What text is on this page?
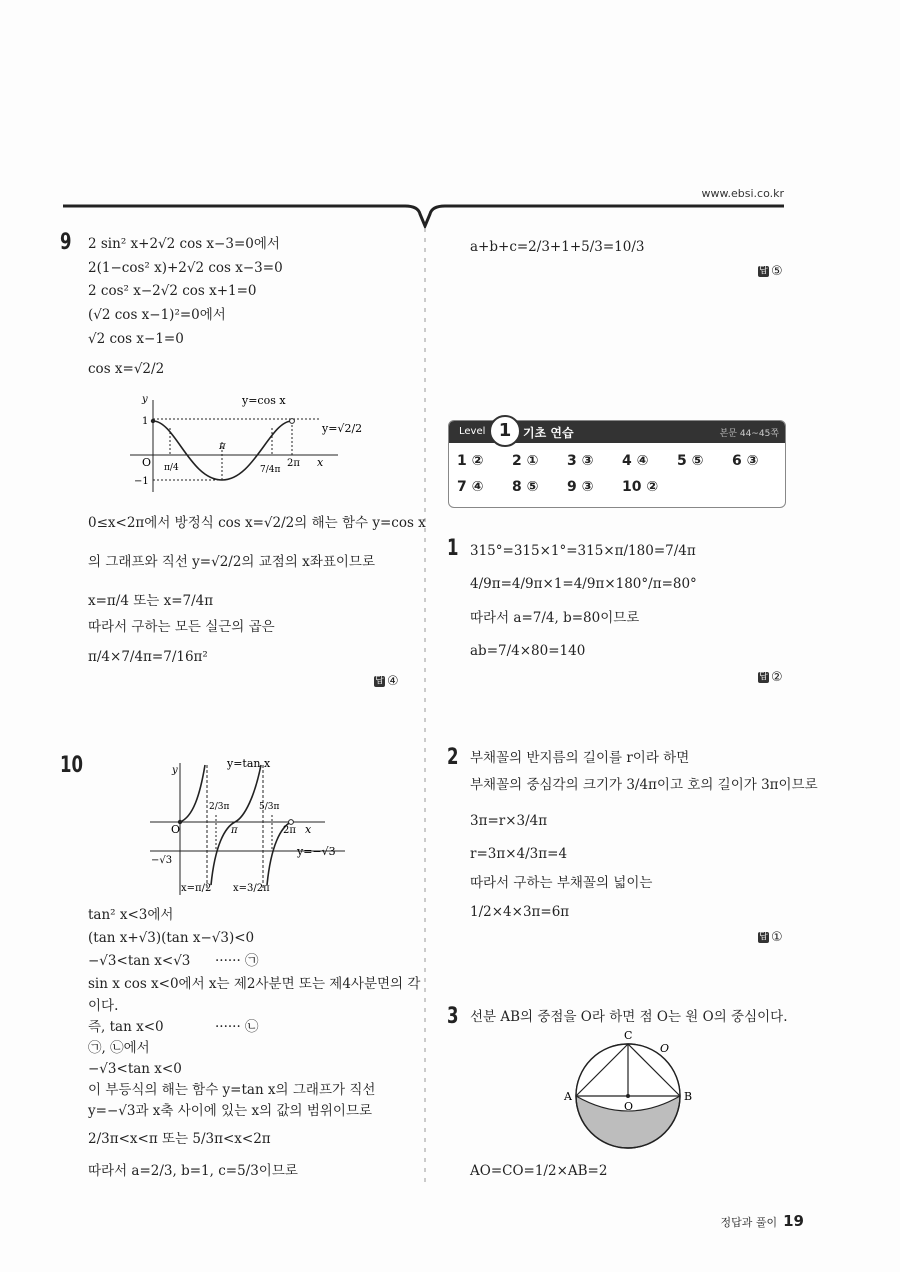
www.ebsi.co.kr
9 2 sin² x+2√2 cos x−3=0에서
2(1−cos² x)+2√2 cos x−3=0
2 cos² x−2√2 cos x+1=0
(√2 cos x−1)²=0에서
√2 cos x−1=0
cos x=√2/2
y=cos x
y
1
−1
O
π
π/4	7/4π
2π x
y=√2/2
0≤x<2π에서 방정식 cos x=√2/2의 해는 함수 y=cos x
의 그래프와 직선 y=√2/2의 교점의 x좌표이므로
x=π/4 또는 x=7/4π
따라서 구하는 모든 실근의 곱은
π/4×7/4π=7/16π²
답 ④
10	y=tan x
y
O
2/3π	5/3π
π	2π x
y=−√3
−√3
x=π/2 x=3/2π
tan² x<3에서
(tan x+√3)(tan x−√3)<0
−√3<tan x<√3 ······ ㉠
sin x cos x<0에서 x는 제2사분면 또는 제4사분면의 각
이다.
즉, tan x<0	······ ㉡
㉠, ㉡에서
−√3<tan x<0
이 부등식의 해는 함수 y=tan x의 그래프가 직선
y=−√3과 x축 사이에 있는 x의 값의 범위이므로
2/3π<x<π 또는 5/3π<x<2π
따라서 a=2/3, b=1, c=5/3이므로
a+b+c=2/3+1+5/3=10/3
답 ⑤
Level 1 기초 연습	본문 44~45쪽
1 ② 2 ① 3 ③ 4 ④ 5 ⑤ 6 ③
7 ④ 8 ⑤ 9 ③ 10 ②
1 315°=315×1°=315×π/180=7/4π
4/9π=4/9π×1=4/9π×180°/π=80°
따라서 a=7/4, b=80이므로
ab=7/4×80=140
답 ②
2 부채꼴의 반지름의 길이를 r이라 하면
부채꼴의 중심각의 크기가 3/4π이고 호의 길이가 3π이므로
3π=r×3/4π
r=3π×4/3π=4
따라서 구하는 부채꼴의 넓이는
1/2×4×3π=6π
답 ①
3 선분 AB의 중점을 O라 하면 점 O는 원 O의 중심이다.
C
O
A	B
O
AO=CO=1/2×AB=2
정답과 풀이 19
